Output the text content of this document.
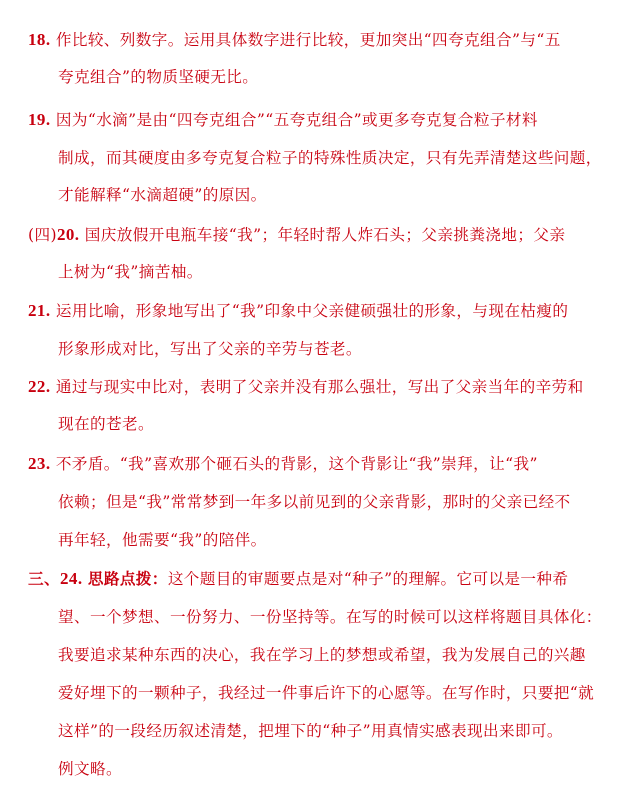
18. 作比较、列数字。运用具体数字进行比较，更加突出“四夸克组合”与“五
夸克组合”的物质坚硬无比。
19. 因为“水滴”是由“四夸克组合”“五夸克组合”或更多夸克复合粒子材料
制成，而其硬度由多夸克复合粒子的特殊性质决定，只有先弄清楚这些问题，
才能解释“水滴超硬”的原因。
(四)20. 国庆放假开电瓶车接“我”；年轻时帮人炸石头；父亲挑粪浇地；父亲
上树为“我”摘苦柚。
21. 运用比喻，形象地写出了“我”印象中父亲健硕强壮的形象，与现在枯瘦的
形象形成对比，写出了父亲的辛劳与苍老。
22. 通过与现实中比对，表明了父亲并没有那么强壮，写出了父亲当年的辛劳和
现在的苍老。
23. 不矛盾。“我”喜欢那个砸石头的背影，这个背影让“我”崇拜，让“我”
依赖；但是“我”常常梦到一年多以前见到的父亲背影，那时的父亲已经不
再年轻，他需要“我”的陪伴。
三、24. 思路点拨：这个题目的审题要点是对“种子”的理解。它可以是一种希
望、一个梦想、一份努力、一份坚持等。在写的时候可以这样将题目具体化：
我要追求某种东西的决心，我在学习上的梦想或希望，我为发展自己的兴趣
爱好埋下的一颗种子，我经过一件事后许下的心愿等。在写作时，只要把“就
这样”的一段经历叙述清楚，把埋下的“种子”用真情实感表现出来即可。
例文略。
